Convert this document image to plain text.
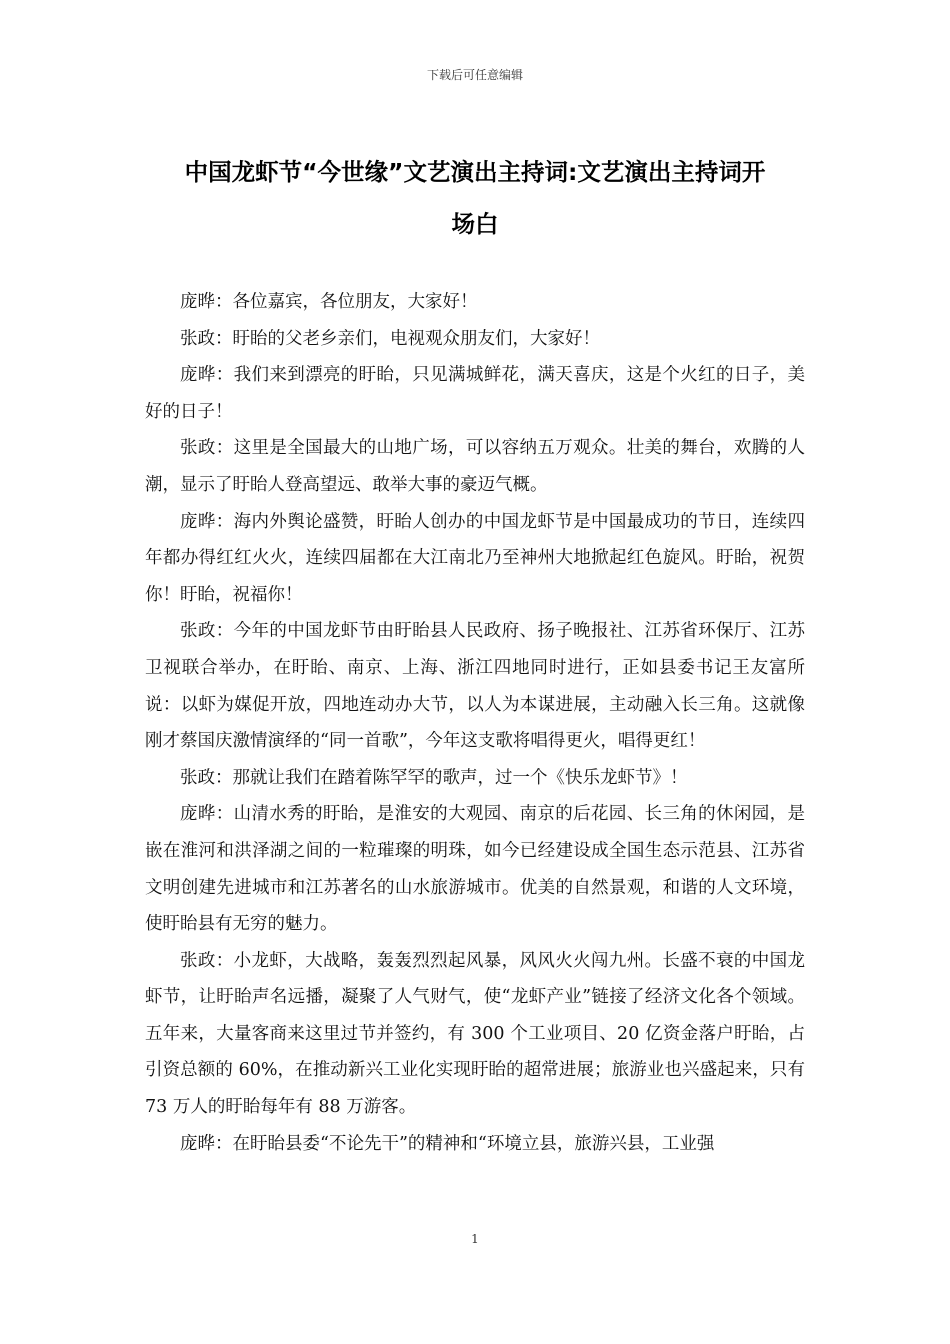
下载后可任意编辑
中国龙虾节“今世缘”文艺演出主持词:文艺演出主持词开
场白

庞晔：各位嘉宾，各位朋友，大家好！

张政：盱眙的父老乡亲们，电视观众朋友们，大家好！

庞晔：我们来到漂亮的盱眙，只见满城鲜花，满天喜庆，这是个火红的日子，美好的日子！

张政：这里是全国最大的山地广场，可以容纳五万观众。壮美的舞台，欢腾的人潮，显示了盱眙人登高望远、敢举大事的豪迈气概。

庞晔：海内外舆论盛赞，盱眙人创办的中国龙虾节是中国最成功的节日，连续四年都办得红红火火，连续四届都在大江南北乃至神州大地掀起红色旋风。盱眙，祝贺你！盱眙，祝福你！

张政：今年的中国龙虾节由盱眙县人民政府、扬子晚报社、江苏省环保厅、江苏卫视联合举办，在盱眙、南京、上海、浙江四地同时进行，正如县委书记王友富所说：以虾为媒促开放，四地连动办大节，以人为本谋进展，主动融入长三角。这就像刚才蔡国庆激情演绎的“同一首歌”，今年这支歌将唱得更火，唱得更红！

张政：那就让我们在踏着陈罕罕的歌声，过一个《快乐龙虾节》！

庞晔：山清水秀的盱眙，是淮安的大观园、南京的后花园、长三角的休闲园，是嵌在淮河和洪泽湖之间的一粒璀璨的明珠，如今已经建设成全国生态示范县、江苏省文明创建先进城市和江苏著名的山水旅游城市。优美的自然景观，和谐的人文环境，使盱眙县有无穷的魅力。

张政：小龙虾，大战略，轰轰烈烈起风暴，风风火火闯九州。长盛不衰的中国龙虾节，让盱眙声名远播，凝聚了人气财气，使“龙虾产业”链接了经济文化各个领域。五年来，大量客商来这里过节并签约，有 300 个工业项目、20 亿资金落户盱眙，占引资总额的 60%，在推动新兴工业化实现盱眙的超常进展；旅游业也兴盛起来，只有 73 万人的盱眙每年有 88 万游客。

庞晔：在盱眙县委“不论先干”的精神和“环境立县，旅游兴县，工业强

1
